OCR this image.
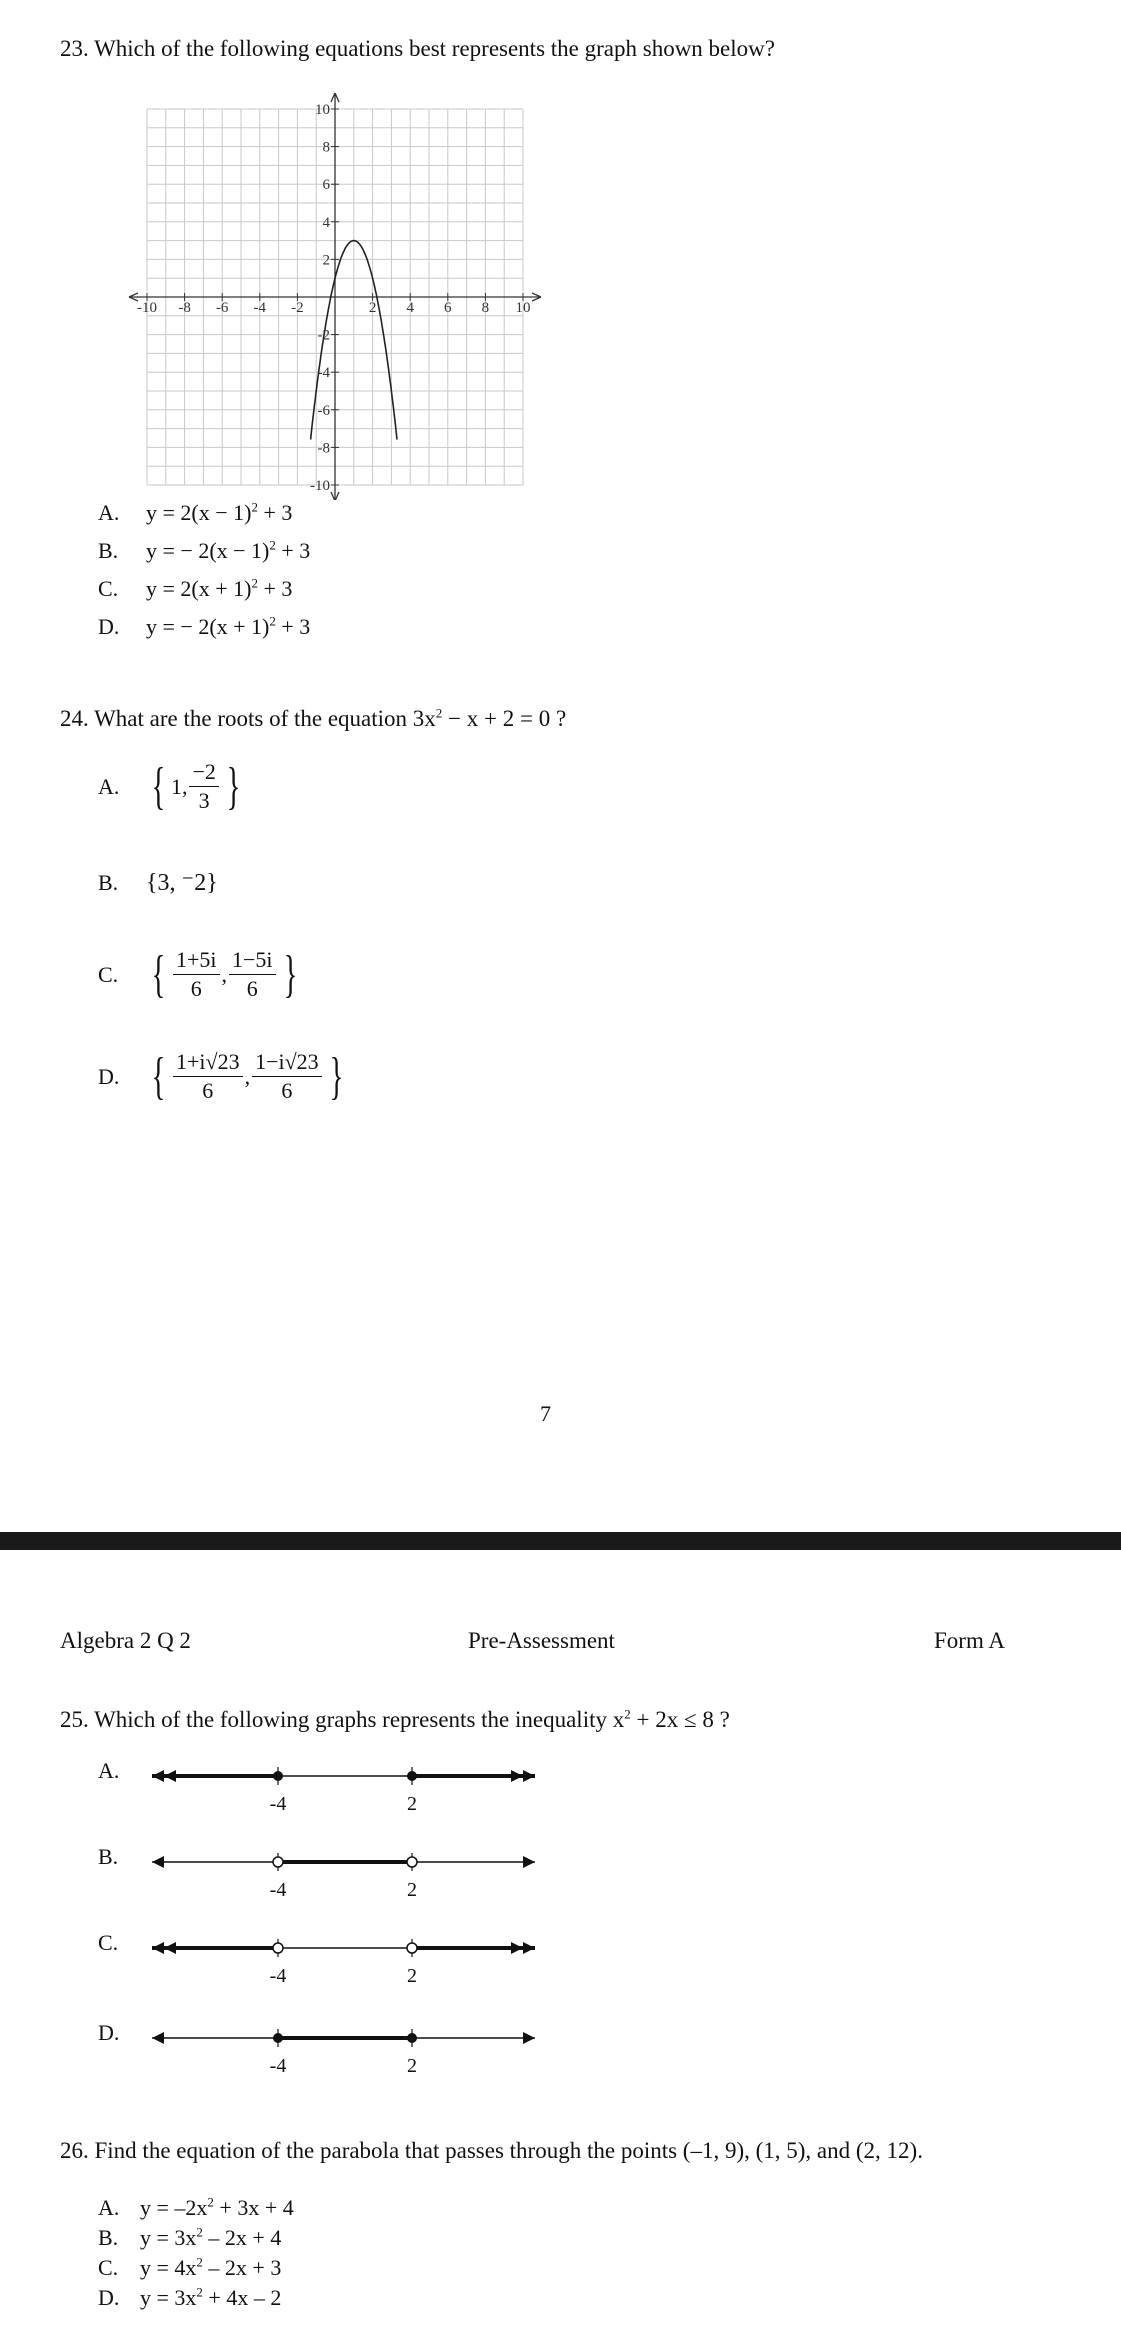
23. Which of the following equations best represents the graph shown below?
-10 -8 -6 -4 -2	2 4 6 8 10
10
8
6
4
2
-2
-4
-6
-8
-10
A. $y = 2(x - 1)^2 + 3$
B. y = − $2(x - 1)^2 + 3$
C. $y = 2(x + 1)^2 + 3$
D. y = − $2(x + 1)^2 + 3$
24. What are the roots of the equation $3x^2 - x + 2 = 0$ ?
A. { 1, $\frac{-2}{3}$ }
B.	{3, ⁻2}
C. { $\frac{1+5i}{6}$ , $\frac{1-5i}{6}$ }
D. { $\frac{1+i√23}{6}$ , $\frac{1-i√23}{6}$ }
7
Algebra 2 Q 2	Pre-Assessment	Form A
25. Which of the following graphs represents the inequality $x^2 + 2x \le 8$ ?
A.
-4	2
B.
-4	2
C.
-4	2
D.
-4	2
26. Find the equation of the parabola that passes through the points (–1, 9), (1, 5), and (2, 12).
A. $y = -2x^2 + 3x + 4$
B. $y = 3x^2 - 2x + 4$
C. $y = 4x^2 - 2x + 3$
D. $y = 3x^2 + 4x - 2$
